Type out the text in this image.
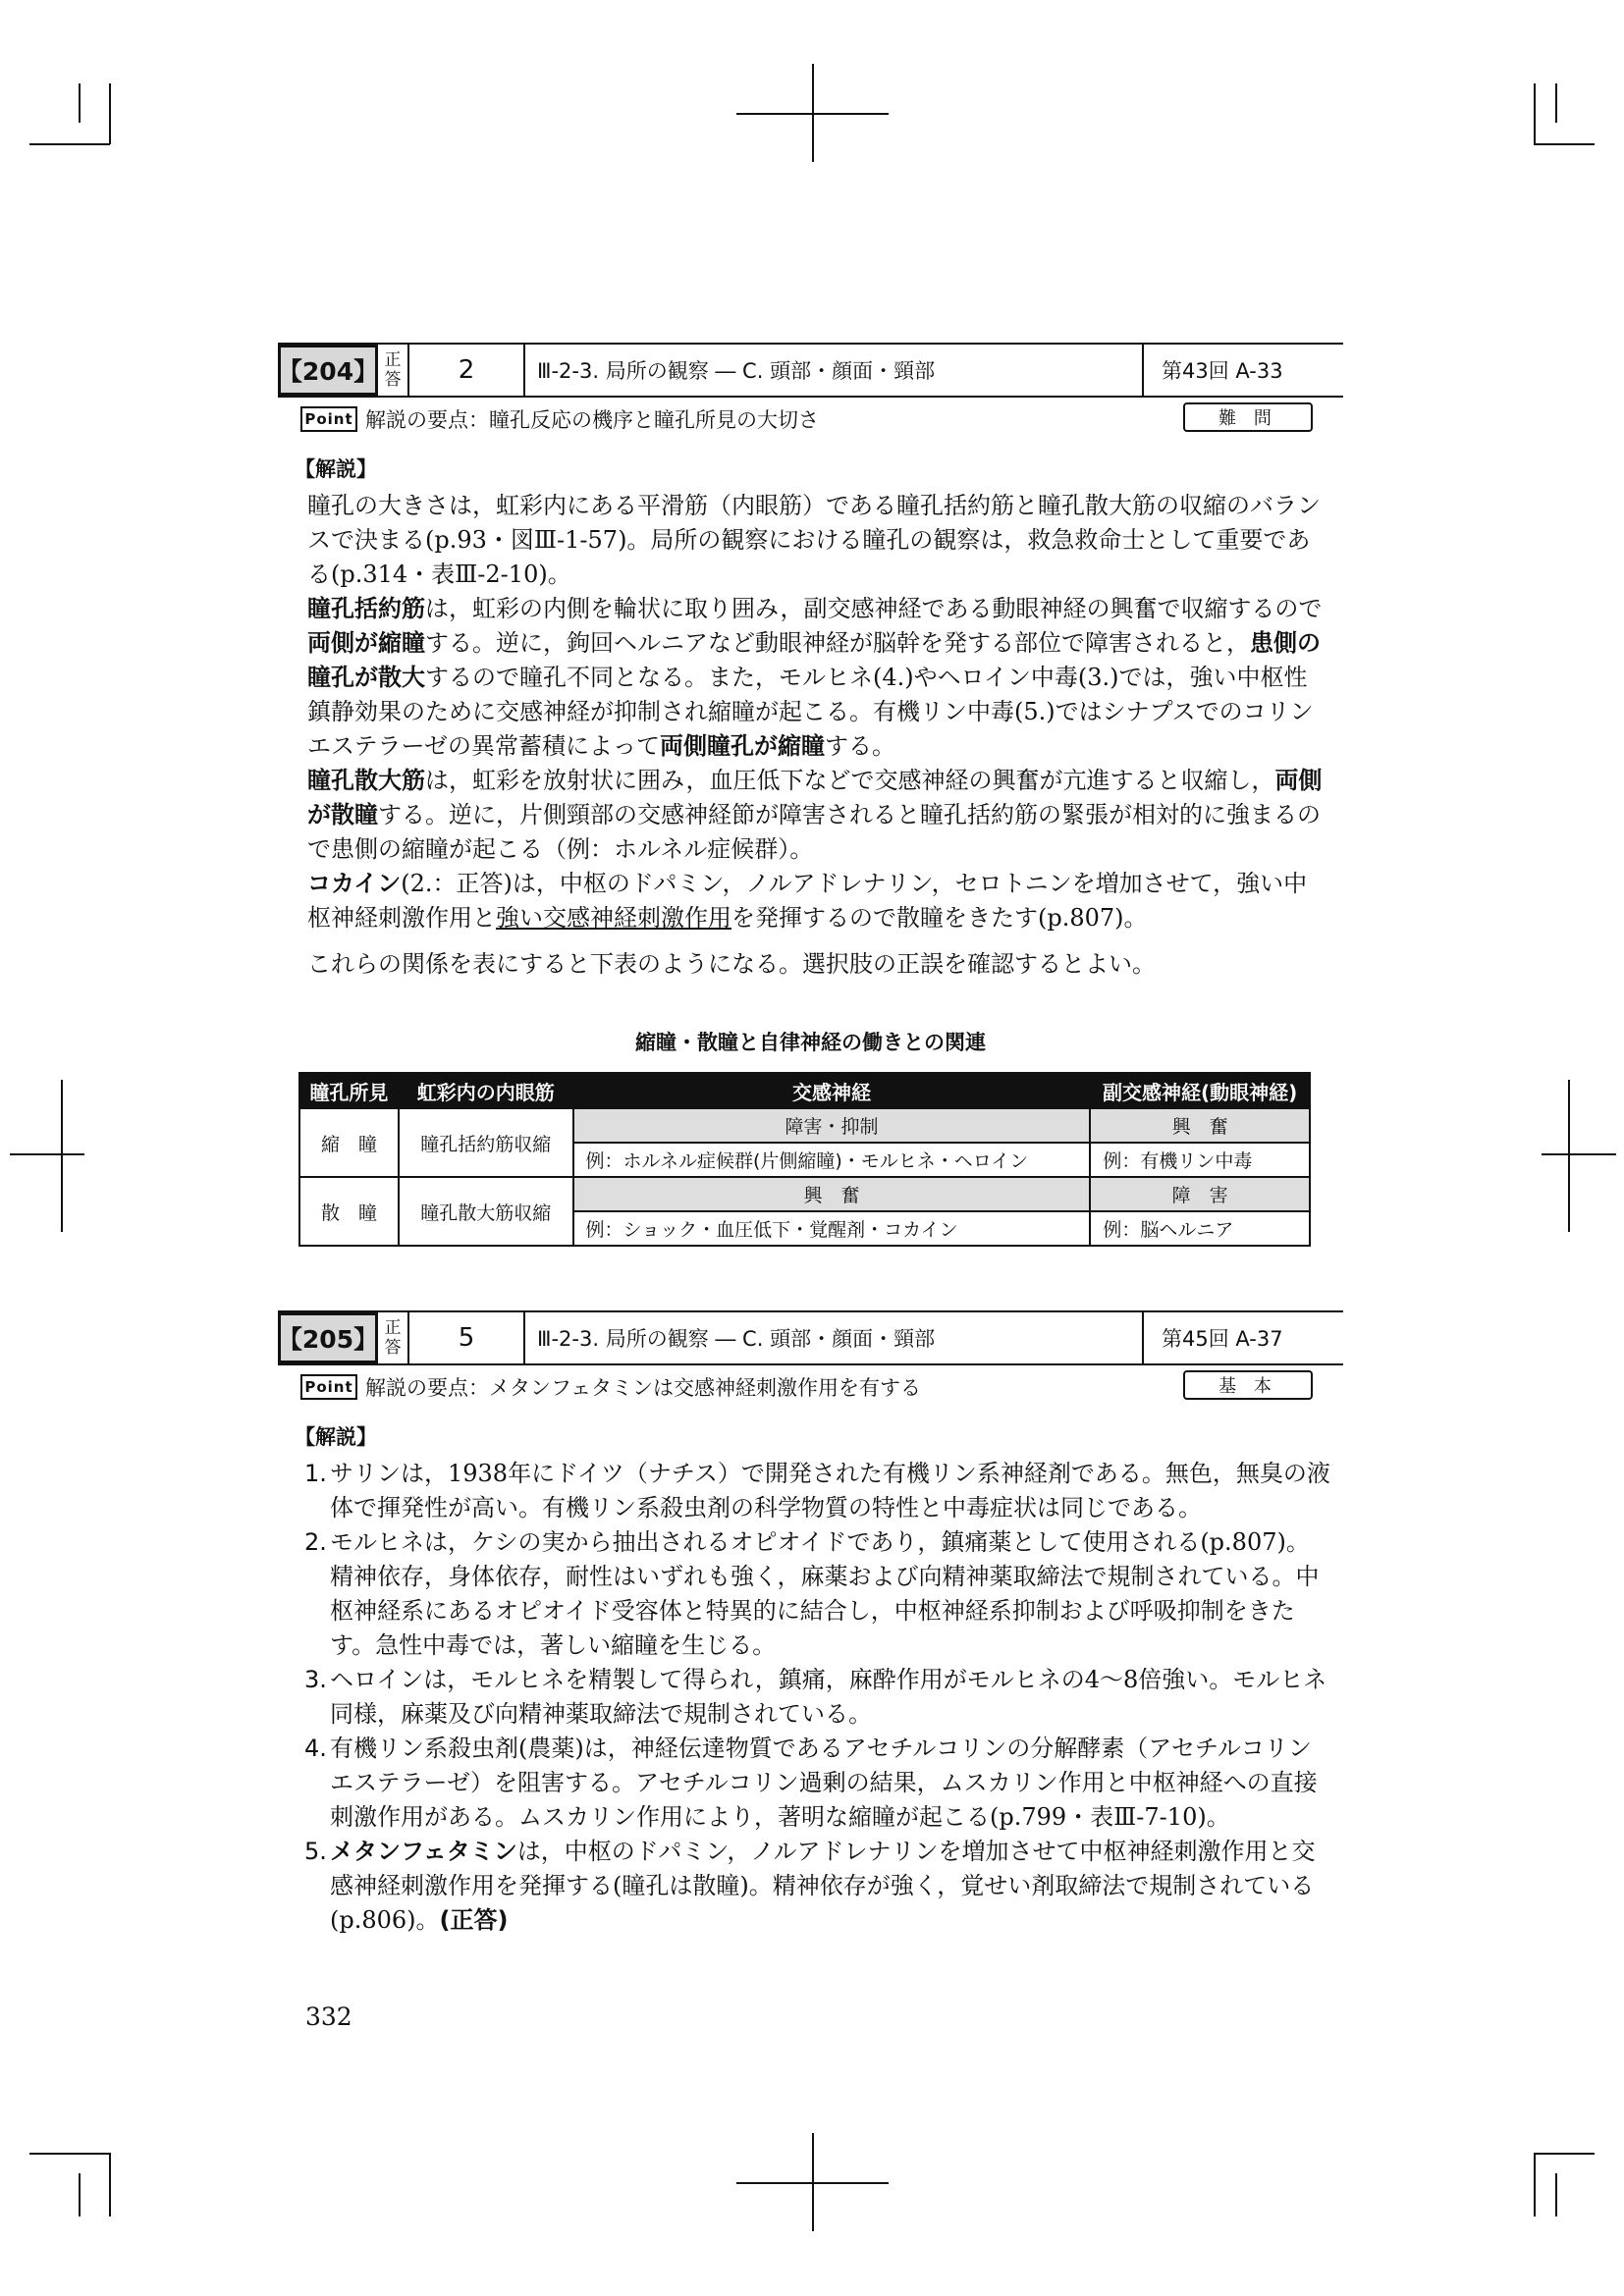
【204】 正
答	2	Ⅲ-2-3. 局所の観察 ― C. 頭部・顔面・頸部	第43回 A-33
Point 解説の要点：瞳孔反応の機序と瞳孔所見の大切さ	難 問
【解説】

瞳孔の大きさは，虹彩内にある平滑筋（内眼筋）である瞳孔括約筋と瞳孔散大筋の収縮のバランスで決まる(p.93・図Ⅲ-1-57)。局所の観察における瞳孔の観察は，救急救命士として重要である(p.314・表Ⅲ-2-10)。

瞳孔括約筋は，虹彩の内側を輪状に取り囲み，副交感神経である動眼神経の興奮で収縮するので両側が縮瞳する。逆に，鉤回ヘルニアなど動眼神経が脳幹を発する部位で障害されると，患側の瞳孔が散大するので瞳孔不同となる。また，モルヒネ(4.)やヘロイン中毒(3.)では，強い中枢性鎮静効果のために交感神経が抑制され縮瞳が起こる。有機リン中毒(5.)ではシナプスでのコリンエステラーゼの異常蓄積によって両側瞳孔が縮瞳する。

瞳孔散大筋は，虹彩を放射状に囲み，血圧低下などで交感神経の興奮が亢進すると収縮し，両側が散瞳する。逆に，片側頸部の交感神経節が障害されると瞳孔括約筋の緊張が相対的に強まるので患側の縮瞳が起こる（例：ホルネル症候群）。

コカイン(2.：正答)は，中枢のドパミン，ノルアドレナリン，セロトニンを増加させて，強い中枢神経刺激作用と強い交感神経刺激作用を発揮するので散瞳をきたす(p.807)。

これらの関係を表にすると下表のようになる。選択肢の正誤を確認するとよい。

縮瞳・散瞳と自律神経の働きとの関連
瞳孔所見	虹彩内の内眼筋	交感神経	副交感神経(動眼神経)
縮　瞳	瞳孔括約筋収縮	障害・抑制	興　奮
		例：ホルネル症候群(片側縮瞳)・モルヒネ・ヘロイン	例：有機リン中毒
散　瞳	瞳孔散大筋収縮	興　奮	障　害
		例：ショック・血圧低下・覚醒剤・コカイン	例：脳ヘルニア
【205】 正
答	5	Ⅲ-2-3. 局所の観察 ― C. 頭部・顔面・頸部	第45回 A-37
Point 解説の要点：メタンフェタミンは交感神経刺激作用を有する	基 本
【解説】
1. サリンは，1938年にドイツ（ナチス）で開発された有機リン系神経剤である。無色，無臭の液体で揮発性が高い。有機リン系殺虫剤の科学物質の特性と中毒症状は同じである。
2. モルヒネは，ケシの実から抽出されるオピオイドであり，鎮痛薬として使用される(p.807)。精神依存，身体依存，耐性はいずれも強く，麻薬および向精神薬取締法で規制されている。中枢神経系にあるオピオイド受容体と特異的に結合し，中枢神経系抑制および呼吸抑制をきたす。急性中毒では，著しい縮瞳を生じる。
3. ヘロインは，モルヒネを精製して得られ，鎮痛，麻酔作用がモルヒネの4～8倍強い。モルヒネ同様，麻薬及び向精神薬取締法で規制されている。
4. 有機リン系殺虫剤(農薬)は，神経伝達物質であるアセチルコリンの分解酵素（アセチルコリンエステラーゼ）を阻害する。アセチルコリン過剰の結果，ムスカリン作用と中枢神経への直接刺激作用がある。ムスカリン作用により，著明な縮瞳が起こる(p.799・表Ⅲ-7-10)。
5. メタンフェタミンは，中枢のドパミン，ノルアドレナリンを増加させて中枢神経刺激作用と交感神経刺激作用を発揮する(瞳孔は散瞳)。精神依存が強く，覚せい剤取締法で規制されている(p.806)。(正答)
332
